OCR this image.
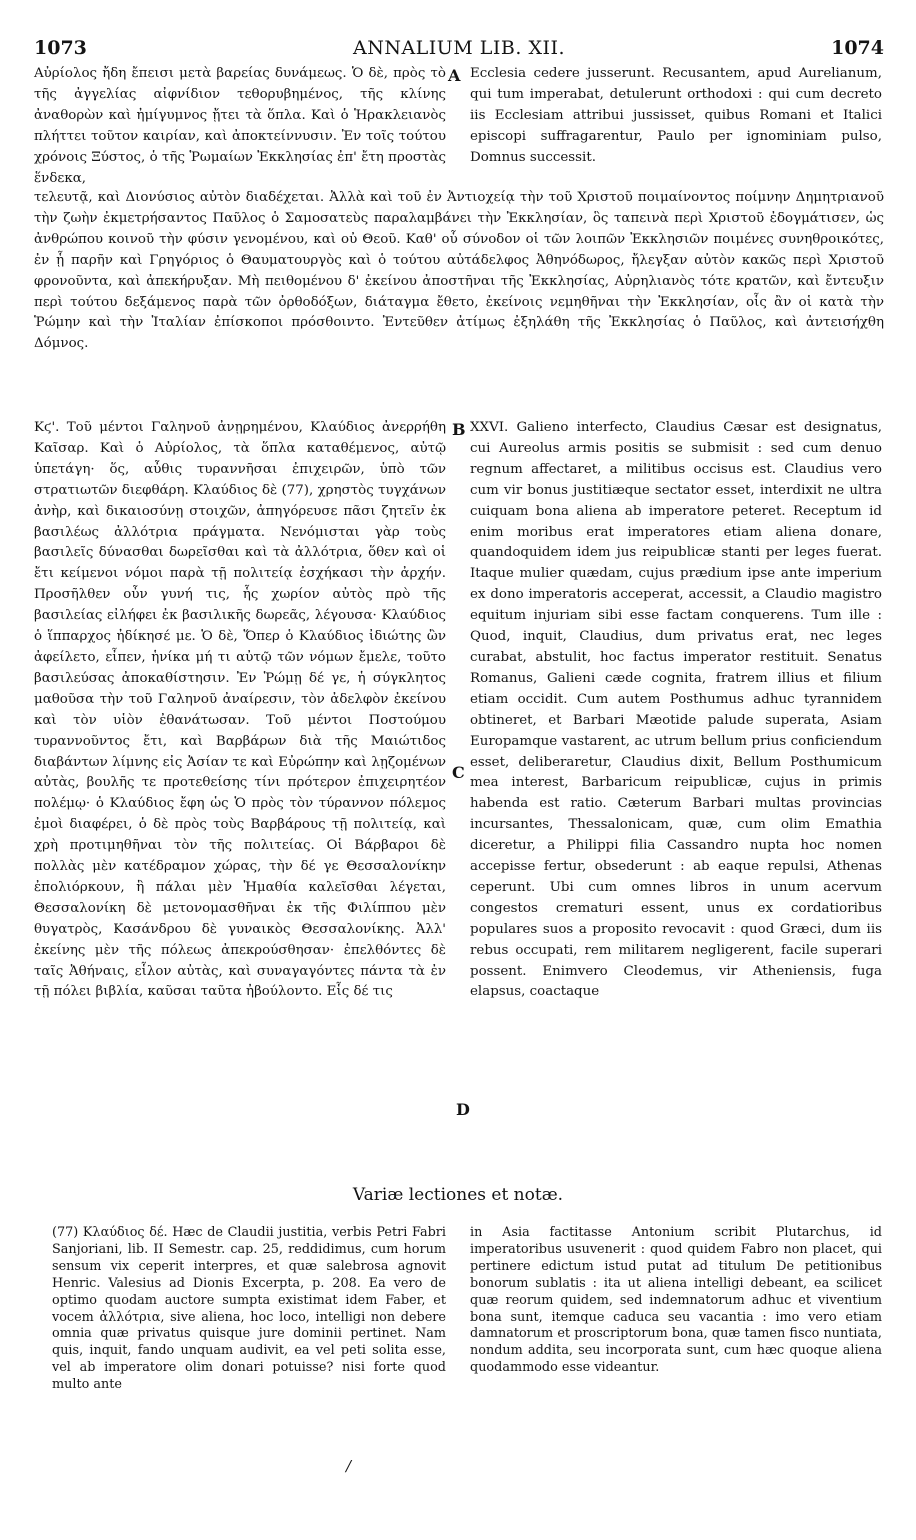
1073	ANNALIUM LIB. XII.	1074

Αὐρίολος ἤδη ἔπεισι μετὰ βαρείας δυνάμεως. Ὁ δὲ, πρὸς τὸ τῆς ἀγγελίας αἰφνίδιον τεθορυβημένος, τῆς κλίνης ἀναθορὼν καὶ ἠμίγυμνος ᾔτει τὰ ὅπλα. Καὶ ὁ Ἡρακλειανὸς πλήττει τοῦτον καιρίαν, καὶ ἀποκτείννυσιν. Ἐν τοῖς τούτου χρόνοις Ξύστος, ὁ τῆς Ῥωμαίων Ἐκκλησίας ἐπ' ἔτη προστὰς ἕνδεκα,

A Ecclesia cedere jusserunt. Recusantem, apud Aurelianum, qui tum imperabat, detulerunt orthodoxi : qui cum decreto iis Ecclesiam attribui jussisset, quibus Romani et Italici episcopi suffragarentur, Paulo per ignominiam pulso, Domnus successit.

τελευτᾷ, καὶ Διονύσιος αὐτὸν διαδέχεται. Ἀλλὰ καὶ τοῦ ἐν Ἀντιοχείᾳ τὴν τοῦ Χριστοῦ ποιμαίνοντος ποίμνην Δημητριανοῦ τὴν ζωὴν ἐκμετρήσαντος Παῦλος ὁ Σαμοσατεὺς παραλαμβάνει τὴν Ἐκκλησίαν, ὃς ταπεινὰ περὶ Χριστοῦ ἐδογμάτισεν, ὡς ἀνθρώπου κοινοῦ τὴν φύσιν γενομένου, καὶ οὐ Θεοῦ. Καθ' οὗ σύνοδον οἱ τῶν λοιπῶν Ἐκκλησιῶν ποιμένες συνηθροικότες, ἐν ᾗ παρῆν καὶ Γρηγόριος ὁ Θαυματουργὸς καὶ ὁ τούτου αὐτάδελφος Ἀθηνόδωρος, ἤλεγξαν αὐτὸν κακῶς περὶ Χριστοῦ φρονοῦντα, καὶ ἀπεκήρυξαν. Μὴ πειθομένου δ' ἐκείνου ἀποστῆναι τῆς Ἐκκλησίας, Αὐρηλιανὸς τότε κρατῶν, καὶ ἔντευξιν περὶ τούτου δεξάμενος παρὰ τῶν ὀρθοδόξων, διάταγμα ἔθετο, ἐκείνοις νεμηθῆναι τὴν Ἐκκλησίαν, οἷς ἂν οἱ κατὰ τὴν Ῥώμην καὶ τὴν Ἰταλίαν ἐπίσκοποι πρόσθοιντο. Ἐντεῦθεν ἀτίμως ἐξηλάθη τῆς Ἐκκλησίας ὁ Παῦλος, καὶ ἀντεισήχθη Δόμνος.

Κϛ'. Τοῦ μέντοι Γαληνοῦ ἀνῃρημένου, Κλαύδιος ἀνερρήθη Καῖσαρ. Καὶ ὁ Αὐρίολος, τὰ ὅπλα καταθέμενος, αὐτῷ ὑπετάγη· ὅς, αὖθις τυραννῆσαι ἐπιχειρῶν, ὑπὸ τῶν στρατιωτῶν διεφθάρη. Κλαύδιος δὲ (77), χρηστὸς τυγχάνων ἀνὴρ, καὶ δικαιοσύνῃ στοιχῶν, ἀπηγόρευσε πᾶσι ζητεῖν ἐκ βασιλέως ἀλλότρια πράγματα. Νενόμισται γὰρ τοὺς βασιλεῖς δύνασθαι δωρεῖσθαι καὶ τὰ ἀλλότρια, ὅθεν καὶ οἱ ἔτι κείμενοι νόμοι παρὰ τῇ πολιτείᾳ ἐσχήκασι τὴν ἀρχήν. Προσῆλθεν οὖν γυνή τις, ἧς χωρίον αὐτὸς πρὸ τῆς βασιλείας εἰλήφει ἐκ βασιλικῆς δωρεᾶς, λέγουσα· Κλαύδιος ὁ ἵππαρχος ἠδίκησέ με. Ὁ δὲ, Ὅπερ ὁ Κλαύδιος ἰδιώτης ὢν ἀφείλετο, εἶπεν, ἡνίκα μή τι αὐτῷ τῶν νόμων ἔμελε, τοῦτο βασιλεύσας ἀποκαθίστησιν. Ἐν Ῥώμῃ δέ γε, ἡ σύγκλητος μαθοῦσα τὴν τοῦ Γαληνοῦ ἀναίρεσιν, τὸν ἀδελφὸν ἐκείνου καὶ τὸν υἱὸν ἐθανάτωσαν. Τοῦ μέντοι Ποστούμου τυραννοῦντος ἔτι, καὶ Βαρβάρων διὰ τῆς Μαιώτιδος διαβάντων λίμνης εἰς Ἀσίαν τε καὶ Εὐρώπην καὶ λῃζομένων αὐτὰς, βουλῆς τε προτεθείσης τίνι πρότερον ἐπιχειρητέον πολέμῳ· ὁ Κλαύδιος ἔφη ὡς Ὁ πρὸς τὸν τύραννον πόλεμος ἐμοὶ διαφέρει, ὁ δὲ πρὸς τοὺς Βαρβάρους τῇ πολιτείᾳ, καὶ χρὴ προτιμηθῆναι τὸν τῆς πολιτείας. Οἱ Βάρβαροι δὲ πολλὰς μὲν κατέδραμον χώρας, τὴν δέ γε Θεσσαλονίκην ἐπολιόρκουν, ἣ πάλαι μὲν Ἠμαθία καλεῖσθαι λέγεται, Θεσσαλονίκη δὲ μετονομασθῆναι ἐκ τῆς Φιλίππου μὲν θυγατρὸς, Κασάνδρου δὲ γυναικὸς Θεσσαλονίκης. Ἀλλ' ἐκείνης μὲν τῆς πόλεως ἀπεκρούσθησαν· ἐπελθόντες δὲ ταῖς Ἀθήναις, εἷλον αὐτὰς, καὶ συναγαγόντες πάντα τὰ ἐν τῇ πόλει βιβλία, καῦσαι ταῦτα ἠβούλοντο. Εἷς δέ τις

B
C
D

XXVI. Galieno interfecto, Claudius Cæsar est designatus, cui Aureolus armis positis se submisit : sed cum denuo regnum affectaret, a militibus occisus est. Claudius vero cum vir bonus justitiæque sectator esset, interdixit ne ultra cuiquam bona aliena ab imperatore peteret. Receptum id enim moribus erat imperatores etiam aliena donare, quandoquidem idem jus reipublicæ stanti per leges fuerat. Itaque mulier quædam, cujus prædium ipse ante imperium ex dono imperatoris acceperat, accessit, a Claudio magistro equitum injuriam sibi esse factam conquerens. Tum ille : Quod, inquit, Claudius, dum privatus erat, nec leges curabat, abstulit, hoc factus imperator restituit. Senatus Romanus, Galieni cæde cognita, fratrem illius et filium etiam occidit. Cum autem Posthumus adhuc tyrannidem obtineret, et Barbari Mæotide palude superata, Asiam Europamque vastarent, ac utrum bellum prius conficiendum esset, deliberaretur, Claudius dixit, Bellum Posthumicum mea interest, Barbaricum reipublicæ, cujus in primis habenda est ratio. Cæterum Barbari multas provincias incursantes, Thessalonicam, quæ, cum olim Emathia diceretur, a Philippi filia Cassandro nupta hoc nomen accepisse fertur, obsederunt : ab eaque repulsi, Athenas ceperunt. Ubi cum omnes libros in unum acervum congestos crematuri essent, unus ex cordatioribus populares suos a proposito revocavit : quod Græci, dum iis rebus occupati, rem militarem negligerent, facile superari possent. Enimvero Cleodemus, vir Atheniensis, fuga elapsus, coactaque

Variæ lectiones et notæ.

(77) Κλαύδιος δέ. Hæc de Claudii justitia, verbis Petri Fabri Sanjoriani, lib. II Semestr. cap. 25, reddidimus, cum horum sensum vix ceperit interpres, et quæ salebrosa agnovit Henric. Valesius ad Dionis Excerpta, p. 208. Ea vero de optimo quodam auctore sumpta existimat idem Faber, et vocem ἀλλότρια, sive aliena, hoc loco, intelligi non debere omnia quæ privatus quisque jure dominii pertinet. Nam quis, inquit, fando unquam audivit, ea vel peti solita esse, vel ab imperatore olim donari potuisse? nisi forte quod multo ante

in Asia factitasse Antonium scribit Plutarchus, id imperatoribus usuvenerit : quod quidem Fabro non placet, qui pertinere edictum istud putat ad titulum De petitionibus bonorum sublatis : ita ut aliena intelligi debeant, ea scilicet quæ reorum quidem, sed indemnatorum adhuc et viventium bona sunt, itemque caduca seu vacantia : imo vero etiam damnatorum et proscriptorum bona, quæ tamen fisco nuntiata, nondum addita, seu incorporata sunt, cum hæc quoque aliena quodammodo esse videantur.

/
